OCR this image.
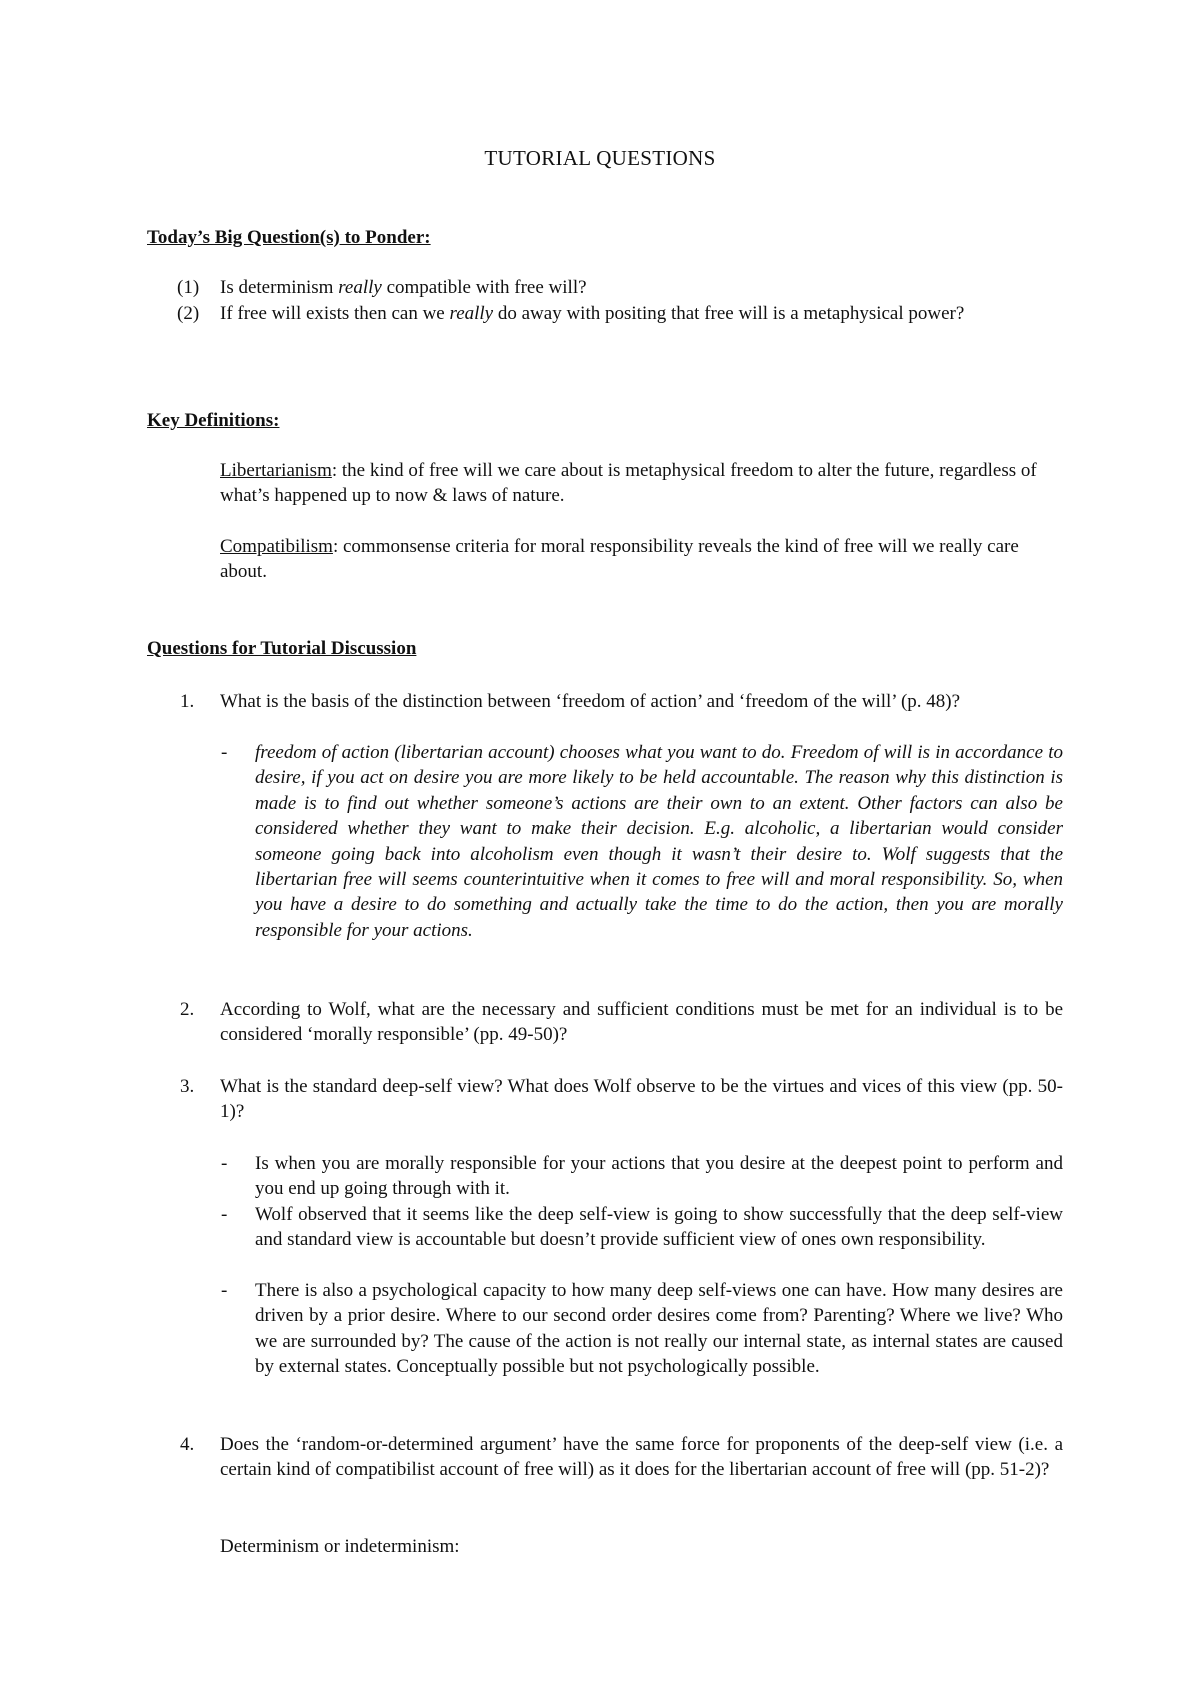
TUTORIAL QUESTIONS
Today’s Big Question(s) to Ponder:
(1) Is determinism really compatible with free will?
(2) If free will exists then can we really do away with positing that free will is a metaphysical power?
Key Definitions:
Libertarianism: the kind of free will we care about is metaphysical freedom to alter the future, regardless of what’s happened up to now & laws of nature.
Compatibilism: commonsense criteria for moral responsibility reveals the kind of free will we really care about.
Questions for Tutorial Discussion
1. What is the basis of the distinction between ‘freedom of action’ and ‘freedom of the will’ (p. 48)?
- freedom of action (libertarian account) chooses what you want to do. Freedom of will is in accordance to desire, if you act on desire you are more likely to be held accountable. The reason why this distinction is made is to find out whether someone’s actions are their own to an extent. Other factors can also be considered whether they want to make their decision. E.g. alcoholic, a libertarian would consider someone going back into alcoholism even though it wasn’t their desire to. Wolf suggests that the libertarian free will seems counterintuitive when it comes to free will and moral responsibility. So, when you have a desire to do something and actually take the time to do the action, then you are morally responsible for your actions.
2. According to Wolf, what are the necessary and sufficient conditions must be met for an individual is to be considered ‘morally responsible’ (pp. 49-50)?
3. What is the standard deep-self view? What does Wolf observe to be the virtues and vices of this view (pp. 50-1)?
- Is when you are morally responsible for your actions that you desire at the deepest point to perform and you end up going through with it.
- Wolf observed that it seems like the deep self-view is going to show successfully that the deep self-view and standard view is accountable but doesn’t provide sufficient view of ones own responsibility.
- There is also a psychological capacity to how many deep self-views one can have. How many desires are driven by a prior desire. Where to our second order desires come from? Parenting? Where we live? Who we are surrounded by? The cause of the action is not really our internal state, as internal states are caused by external states. Conceptually possible but not psychologically possible.
4. Does the ‘random-or-determined argument’ have the same force for proponents of the deep-self view (i.e. a certain kind of compatibilist account of free will) as it does for the libertarian account of free will (pp. 51-2)?
Determinism or indeterminism:
